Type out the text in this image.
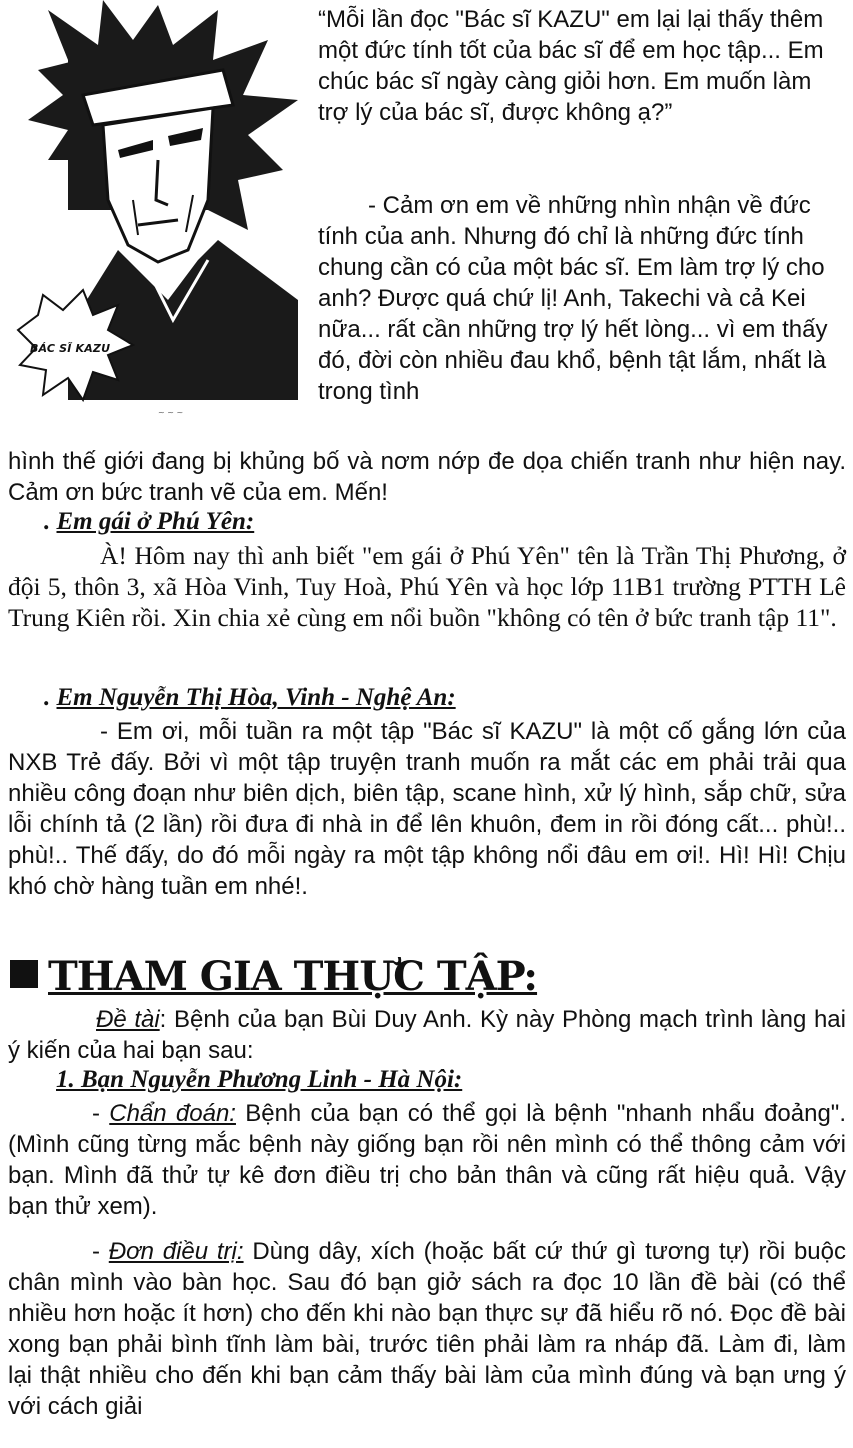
BÁC SĨ KAZU
~ ~ ~

“Mỗi lần đọc "Bác sĩ KAZU" em lại lại thấy thêm một đức tính tốt của bác sĩ để em học tập... Em chúc bác sĩ ngày càng giỏi hơn. Em muốn làm trợ lý của bác sĩ, được không ạ?”

- Cảm ơn em về những nhìn nhận về đức tính của anh. Nhưng đó chỉ là những đức tính chung cần có của một bác sĩ. Em làm trợ lý cho anh? Được quá chứ lị! Anh, Takechi và cả Kei nữa... rất cần những trợ lý hết lòng... vì em thấy đó, đời còn nhiều đau khổ, bệnh tật lắm, nhất là trong tình

hình thế giới đang bị khủng bố và nơm nớp đe dọa chiến tranh như hiện nay. Cảm ơn bức tranh vẽ của em. Mến!

. Em gái ở Phú Yên:

À! Hôm nay thì anh biết "em gái ở Phú Yên" tên là Trần Thị Phương, ở đội 5, thôn 3, xã Hòa Vinh, Tuy Hoà, Phú Yên và học lớp 11B1 trường PTTH Lê Trung Kiên rồi. Xin chia xẻ cùng em nổi buồn "không có tên ở bức tranh tập 11".

. Em Nguyễn Thị Hòa, Vinh - Nghệ An:

- Em ơi, mỗi tuần ra một tập "Bác sĩ KAZU" là một cố gắng lớn của NXB Trẻ đấy. Bởi vì một tập truyện tranh muốn ra mắt các em phải trải qua nhiều công đoạn như biên dịch, biên tập, scane hình, xử lý hình, sắp chữ, sửa lỗi chính tả (2 lần) rồi đưa đi nhà in để lên khuôn, đem in rồi đóng cất... phù!.. phù!.. Thế đấy, do đó mỗi ngày ra một tập không nổi đâu em ơi!. Hì! Hì! Chịu khó chờ hàng tuần em nhé!.

THAM GIA THỰC TẬP:

Đề tài: Bệnh của bạn Bùi Duy Anh. Kỳ này Phòng mạch trình làng hai ý kiến của hai bạn sau:

1. Bạn Nguyễn Phương Linh - Hà Nội:

- Chẩn đoán: Bệnh của bạn có thể gọi là bệnh "nhanh nhẩu đoảng". (Mình cũng từng mắc bệnh này giống bạn rồi nên mình có thể thông cảm với bạn. Mình đã thử tự kê đơn điều trị cho bản thân và cũng rất hiệu quả. Vậy bạn thử xem).

- Đơn điều trị: Dùng dây, xích (hoặc bất cứ thứ gì tương tự) rồi buộc chân mình vào bàn học. Sau đó bạn giở sách ra đọc 10 lần đề bài (có thể nhiều hơn hoặc ít hơn) cho đến khi nào bạn thực sự đã hiểu rõ nó. Đọc đề bài xong bạn phải bình tĩnh làm bài, trước tiên phải làm ra nháp đã. Làm đi, làm lại thật nhiều cho đến khi bạn cảm thấy bài làm của mình đúng và bạn ưng ý với cách giải
